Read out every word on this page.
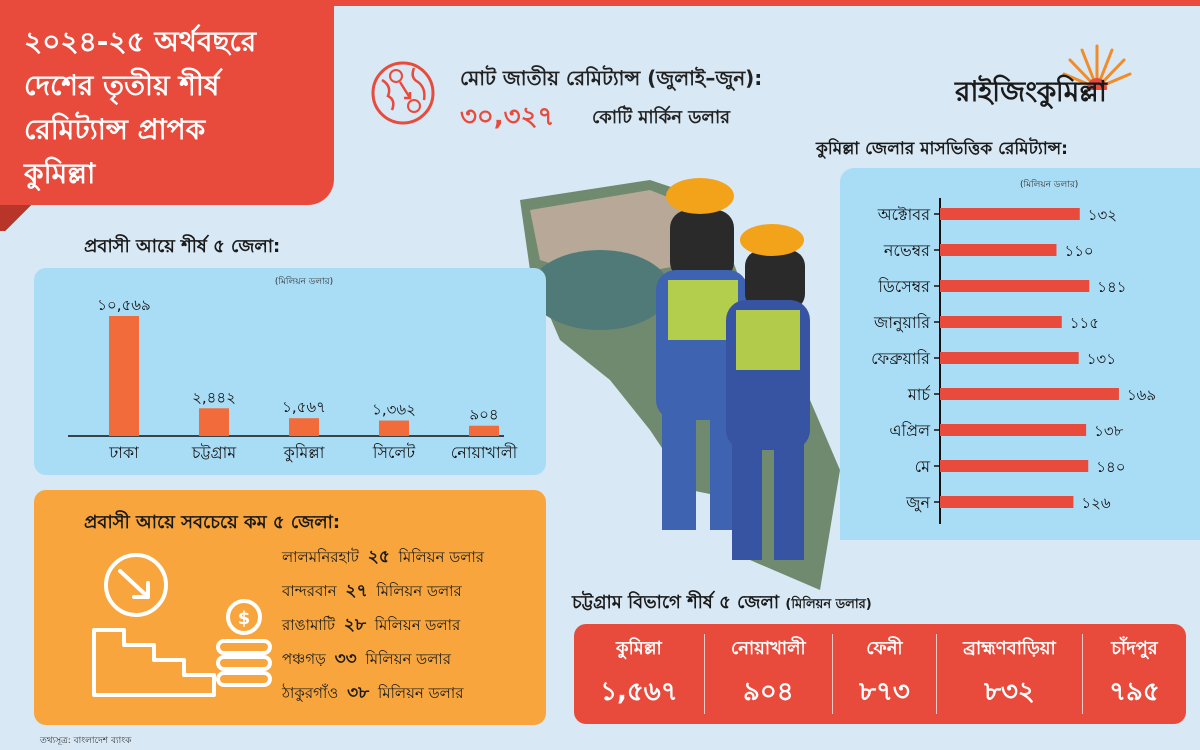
২০২৪-২৫ অর্থবছরে
দেশের তৃতীয় শীর্ষ
রেমিট্যান্স প্রাপক
কুমিল্লা
মোট জাতীয় রেমিট্যান্স (জুলাই–জুন):
৩০,৩২৭ কোটি মার্কিন ডলার
রাইজিংকুমিল্লা
কুমিল্লা জেলার মাসভিত্তিক রেমিট্যান্স:
(মিলিয়ন ডলার)
অক্টোবর	১৩২
নভেম্বর	১১০
ডিসেম্বর	১৪১
জানুয়ারি	১১৫
ফেব্রুয়ারি	১৩১
মার্চ	১৬৯
এপ্রিল	১৩৮
মে	১৪০
জুন	১২৬
প্রবাসী আয়ে শীর্ষ ৫ জেলা:
(মিলিয়ন ডলার)
১০,৫৬৯
ঢাকা
২,৪৪২
চট্টগ্রাম
১,৫৬৭
কুমিল্লা
১,৩৬২
সিলেট
৯০৪
নোয়াখালী
প্রবাসী আয়ে সবচেয়ে কম ৫ জেলা:
$
লালমনিরহাট ২৫ মিলিয়ন ডলার
বান্দরবান ২৭ মিলিয়ন ডলার
রাঙামাটি ২৮ মিলিয়ন ডলার
পঞ্চগড় ৩৩ মিলিয়ন ডলার
ঠাকুরগাঁও ৩৮ মিলিয়ন ডলার
তথ্যসূত্র: বাংলাদেশ ব্যাংক
চট্টগ্রাম বিভাগে শীর্ষ ৫ জেলা (মিলিয়ন ডলার)
কুমিল্লা
১,৫৬৭
নোয়াখালী
৯০৪
ফেনী
৮৭৩
ব্রাহ্মণবাড়িয়া
৮৩২
চাঁদপুর
৭৯৫
